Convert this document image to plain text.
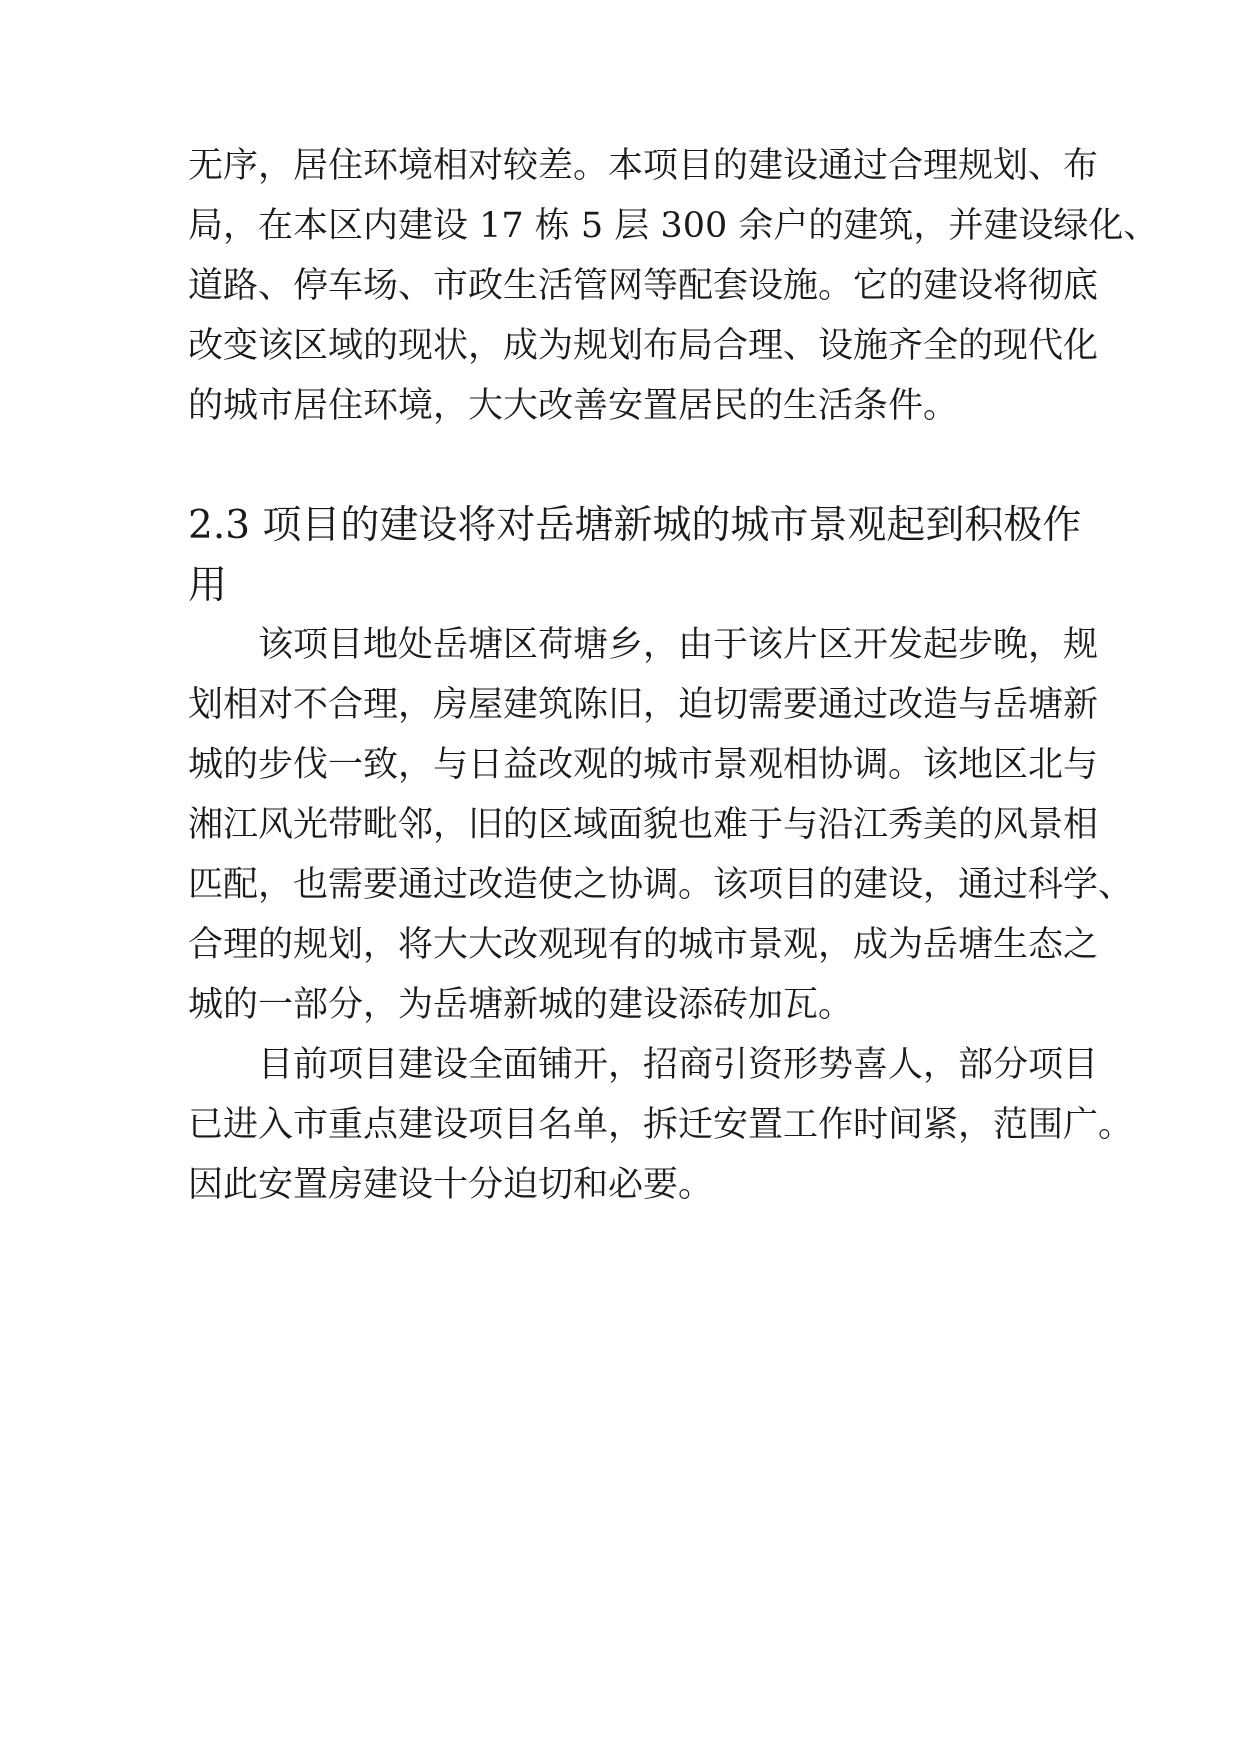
无序，居住环境相对较差。本项目的建设通过合理规划、布
局，在本区内建设 17 栋 5 层 300 余户的建筑，并建设绿化、
道路、停车场、市政生活管网等配套设施。它的建设将彻底
改变该区域的现状，成为规划布局合理、设施齐全的现代化
的城市居住环境，大大改善安置居民的生活条件。
2.3 项目的建设将对岳塘新城的城市景观起到积极作
用
该项目地处岳塘区荷塘乡，由于该片区开发起步晚，规
划相对不合理，房屋建筑陈旧，迫切需要通过改造与岳塘新
城的步伐一致，与日益改观的城市景观相协调。该地区北与
湘江风光带毗邻，旧的区域面貌也难于与沿江秀美的风景相
匹配，也需要通过改造使之协调。该项目的建设，通过科学、
合理的规划，将大大改观现有的城市景观，成为岳塘生态之
城的一部分，为岳塘新城的建设添砖加瓦。
目前项目建设全面铺开，招商引资形势喜人，部分项目
已进入市重点建设项目名单，拆迁安置工作时间紧，范围广。
因此安置房建设十分迫切和必要。
